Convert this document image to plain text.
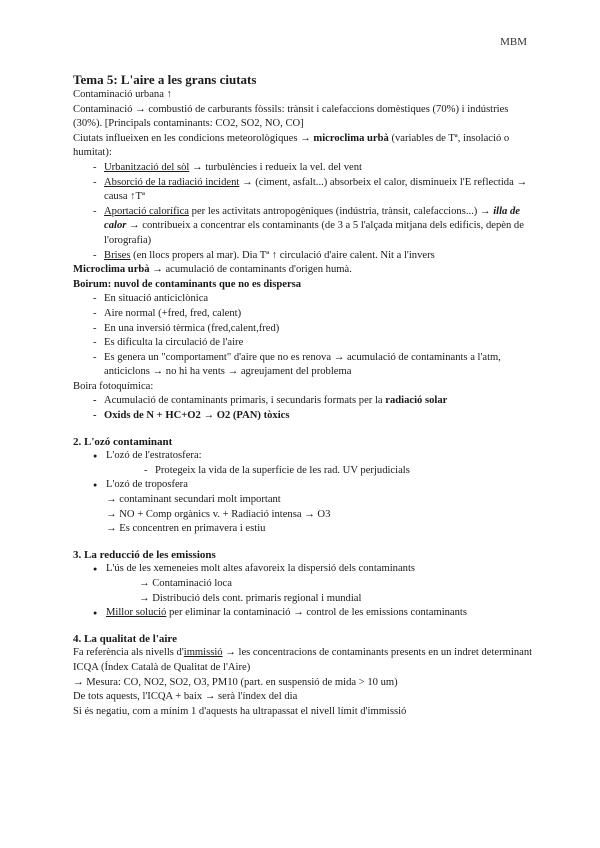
MBM

Tema 5: L'aire a les grans ciutats

Contaminació urbana ↑

Contaminació → combustió de carburants fòssils: trànsit i calefaccions domèstiques (70%) i indústries (30%). [Principals contaminants: CO2, SO2, NO, CO]

Ciutats influeixen en les condicions meteorològiques → microclima urbà (variables de Tª, insolació o humitat):

- Urbanització del sòl → turbulències i redueix la vel. del vent
- Absorció de la radiació incident → (ciment, asfalt...) absorbeix el calor, disminueix l'E reflectida → causa ↑Tª
- Aportació calorífica per les activitats antropogèniques (indústria, trànsit, calefaccions...) → illa de calor → contribueix a concentrar els contaminants (de 3 a 5 l'alçada mitjana dels edificis, depèn de l'orografia)
- Brises (en llocs propers al mar). Dia Tª ↑ circulació d'aire calent. Nit a l'invers

Microclima urbà → acumulació de contaminants d'origen humà.

Boirum: nuvol de contaminants que no es dispersa

- En situació anticiclònica
- Aire normal (+fred, fred, calent)
- En una inversió tèrmica (fred,calent,fred)
- Es dificulta la circulació de l'aire
- Es genera un "comportament" d'aire que no es renova → acumulació de contaminants a l'atm, anticiclons → no hi ha vents → agreujament del problema

Boira fotoquímica:

- Acumulació de contaminants primaris, i secundaris formats per la radiació solar
- Oxids de N + HC+O2 → O2 (PAN) tòxics

2. L'ozó contaminant

● L'ozó de l'estratosfera:
- Protegeix la vida de la superfície de les rad. UV perjudicials
● L'ozó de troposfera

→ contaminant secundari molt important

→ NO + Comp orgànics v. + Radiació intensa → O3

→ Es concentren en primavera i estiu

3. La reducció de les emissions

● L'ús de les xemeneies molt altes afavoreix la dispersió dels contaminants

→ Contaminació loca

→ Distribució dels cont. primaris regional i mundial

● Millor solució per eliminar la contaminació → control de les emissions contaminants

4. La qualitat de l'aire

Fa referència als nivells d'immissió → les concentracions de contaminants presents en un indret determinant

ICQA (Índex Català de Qualitat de l'Aire)

→ Mesura: CO, NO2, SO2, O3, PM10 (part. en suspensió de mida > 10 um)

De tots aquests, l'ICQA + baix → serà l'índex del dia

Si és negatiu, com a mínim 1 d'aquests ha ultrapassat el nivell límit d'immissió
